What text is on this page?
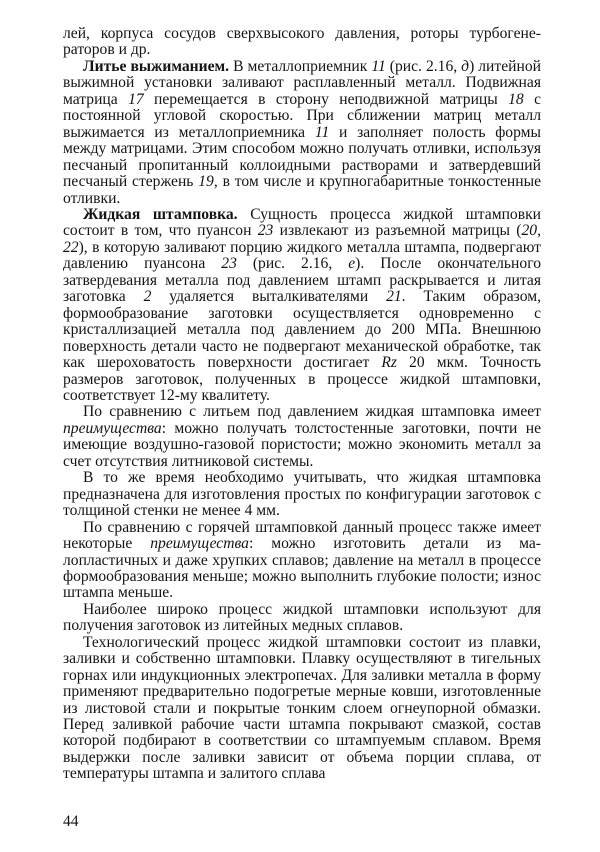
лей, корпуса сосудов сверхвысокого давления, роторы турбогенераторов и др.

Литье выжиманием. В металлоприемник 11 (рис. 2.16, д) литейной выжимной установки заливают расплавленный металл. Подвижная матрица 17 перемещается в сторону неподвижной матрицы 18 с постоянной угловой скоростью. При сближении матриц металл выжимается из металлоприемника 11 и заполняет полость формы между матрицами. Этим способом можно получать отливки, используя песчаный пропитанный коллоидными растворами и затвердевший песчаный стержень 19, в том числе и крупногабаритные тонкостенные отливки.

Жидкая штамповка. Сущность процесса жидкой штамповки состоит в том, что пуансон 23 извлекают из разъемной матрицы (20, 22), в которую заливают порцию жидкого металла штампа, подвергают давлению пуансона 23 (рис. 2.16, е). После окончательного затвердевания металла под давлением штамп раскрывается и литая заготовка 2 удаляется выталкивателями 21. Таким образом, формообразование заготовки осуществляется одновременно с кристаллизацией металла под давлением до 200 МПа. Внешнюю поверхность детали часто не подвергают механической обработке, так как шероховатость поверхности достигает Rz 20 мкм. Точность размеров заготовок, полученных в процессе жидкой штамповки, соответствует 12-му квалитету.

По сравнению с литьем под давлением жидкая штамповка имеет преимущества: можно получать толстостенные заготовки, почти не имеющие воздушно-газовой пористости; можно экономить металл за счет отсутствия литниковой системы.

В то же время необходимо учитывать, что жидкая штамповка предназначена для изготовления простых по конфигурации заготовок с толщиной стенки не менее 4 мм.

По сравнению с горячей штамповкой данный процесс также имеет некоторые преимущества: можно изготовить детали из малопластичных и даже хрупких сплавов; давление на металл в процессе формообразования меньше; можно выполнить глубокие полости; износ штампа меньше.

Наиболее широко процесс жидкой штамповки используют для получения заготовок из литейных медных сплавов.

Технологический процесс жидкой штамповки состоит из плавки, заливки и собственно штамповки. Плавку осуществляют в тигельных горнах или индукционных электропечах. Для заливки металла в форму применяют предварительно подогретые мерные ковши, изготовленные из листовой стали и покрытые тонким слоем огнеупорной обмазки. Перед заливкой рабочие части штампа покрывают смазкой, состав которой подбирают в соответствии со штампуемым сплавом. Время выдержки после заливки зависит от объема порции сплава, от температуры штампа и залитого сплава

44
